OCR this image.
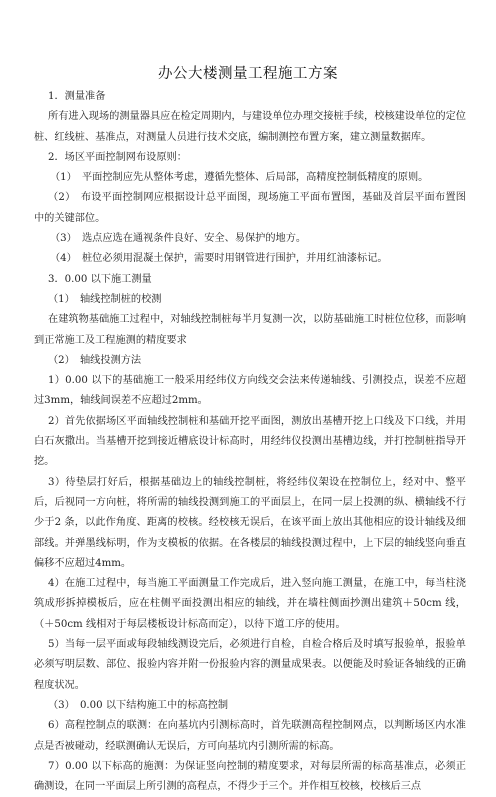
办公大楼测量工程施工方案

1．测量准备

所有进入现场的测量器具应在检定周期内，与建设单位办理交接桩手续，校核建设单位的定位桩、红线桩、基准点，对测量人员进行技术交底，编制测控布置方案，建立测量数据库。

2．场区平面控制网布设原则：

（1）　平面控制应先从整体考虑，遵循先整体、后局部，高精度控制低精度的原则。

（2）　布设平面控制网应根据设计总平面图，现场施工平面布置图，基础及首层平面布置图中的关键部位。

（3）　选点应选在通视条件良好、安全、易保护的地方。

（4）　桩位必须用混凝土保护，需要时用钢管进行围护，并用红油漆标记。

3．0.00 以下施工测量

（1）　轴线控制桩的校测

在建筑物基础施工过程中，对轴线控制桩每半月复测一次，以防基础施工时桩位位移，而影响到正常施工及工程施测的精度要求

（2）　轴线投测方法

1）0.00 以下的基础施工一般采用经纬仪方向线交会法来传递轴线、引测投点，误差不应超过3mm，轴线间误差不应超过2mm。

2）首先依据场区平面轴线控制桩和基础开挖平面图，测放出基槽开挖上口线及下口线，并用白石灰撒出。当基槽开挖到接近槽底设计标高时，用经纬仪投测出基槽边线，并打控制桩指导开挖。

3）待垫层打好后，根据基础边上的轴线控制桩，将经纬仪架设在控制位上，经对中、整平后，后视同一方向桩，将所需的轴线投测到施工的平面层上，在同一层上投测的纵、横轴线不行少于2 条，以此作角度、距离的校核。经校核无误后，在该平面上放出其他相应的设计轴线及细部线。并弹墨线标明，作为支模板的依据。在各楼层的轴线投测过程中，上下层的轴线竖向垂直偏移不应超过4mm。

4）在施工过程中，每当施工平面测量工作完成后，进入竖向施工测量，在施工中，每当柱浇筑成形拆掉模板后，应在柱侧平面投测出相应的轴线，并在墙柱侧面抄测出建筑＋50cm 线，（＋50cm 线相对于每层楼板设计标高而定），以待下道工序的使用。

5）当每一层平面或每段轴线测设完后，必须进行自检，自检合格后及时填写报验单，报验单必须写明层数、部位、报验内容并附一份报验内容的测量成果表。以便能及时验证各轴线的正确程度状况。

（3）　0.00 以下结构施工中的标高控制

6）高程控制点的联测：在向基坑内引测标高时，首先联测高程控制网点，以判断场区内水准点是否被碰动，经联测确认无误后，方可向基坑内引测所需的标高。

7）0.00 以下标高的施测：为保证竖向控制的精度要求，对每层所需的标高基准点，必须正确测设，在同一平面层上所引测的高程点，不得少于三个。并作相互校核，校核后三点
